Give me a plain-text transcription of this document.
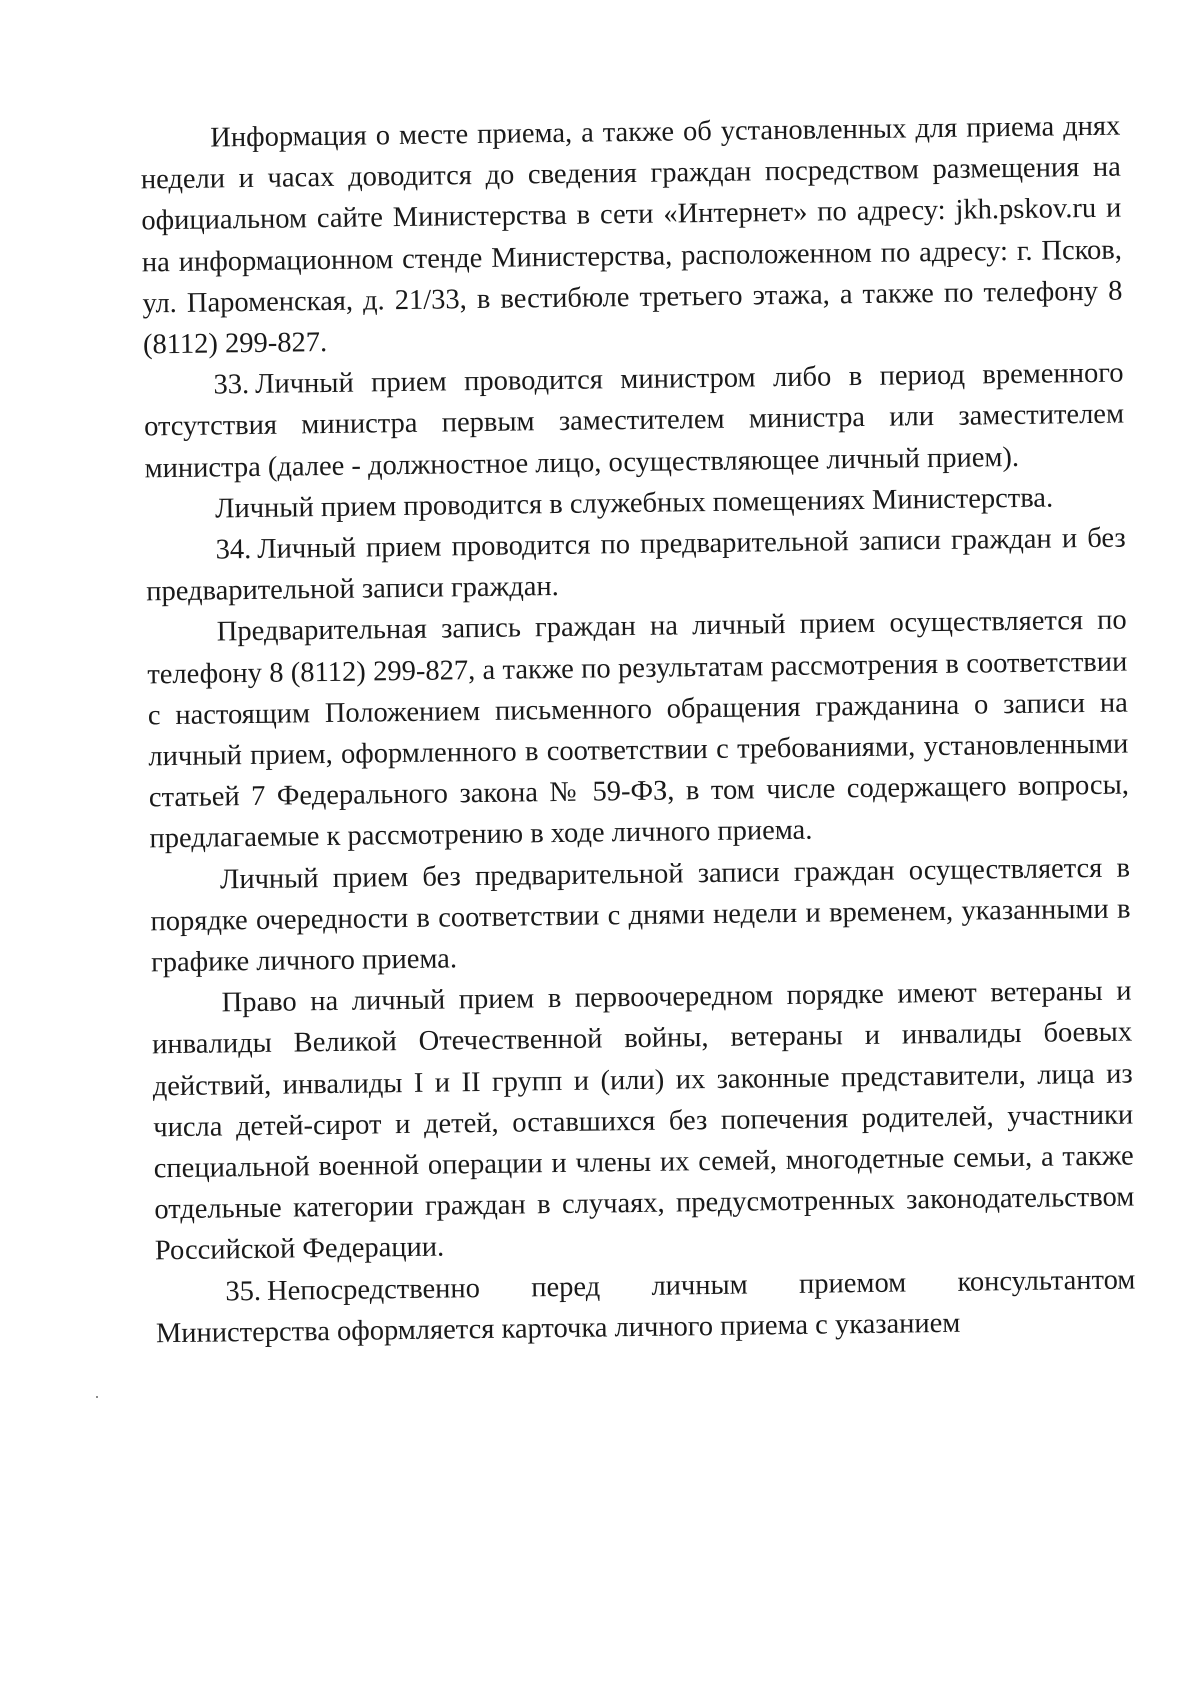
Информация о месте приема, а также об установленных для приема днях недели и часах доводится до сведения граждан посредством размещения на официальном сайте Министерства в сети «Интернет» по адресу: jkh.pskov.ru и на информационном стенде Министерства, расположенном по адресу: г. Псков, ул. Пароменская, д. 21/33, в вестибюле третьего этажа, а также по телефону 8 (8112) 299-827.

33. Личный прием проводится министром либо в период временного отсутствия министра первым заместителем министра или заместителем министра (далее - должностное лицо, осуществляющее личный прием).

Личный прием проводится в служебных помещениях Министерства.

34. Личный прием проводится по предварительной записи граждан и без предварительной записи граждан.

Предварительная запись граждан на личный прием осуществляется по телефону 8 (8112) 299-827, а также по результатам рассмотрения в соответствии с настоящим Положением письменного обращения гражданина о записи на личный прием, оформленного в соответствии с требованиями, установленными статьей 7 Федерального закона № 59-ФЗ, в том числе содержащего вопросы, предлагаемые к рассмотрению в ходе личного приема.

Личный прием без предварительной записи граждан осуществляется в порядке очередности в соответствии с днями недели и временем, указанными в графике личного приема.

Право на личный прием в первоочередном порядке имеют ветераны и инвалиды Великой Отечественной войны, ветераны и инвалиды боевых действий, инвалиды I и II групп и (или) их законные представители, лица из числа детей-сирот и детей, оставшихся без попечения родителей, участники специальной военной операции и члены их семей, многодетные семьи, а также отдельные категории граждан в случаях, предусмотренных законодательством Российской Федерации.

35. Непосредственно перед личным приемом консультантом Министерства оформляется карточка личного приема с указанием
